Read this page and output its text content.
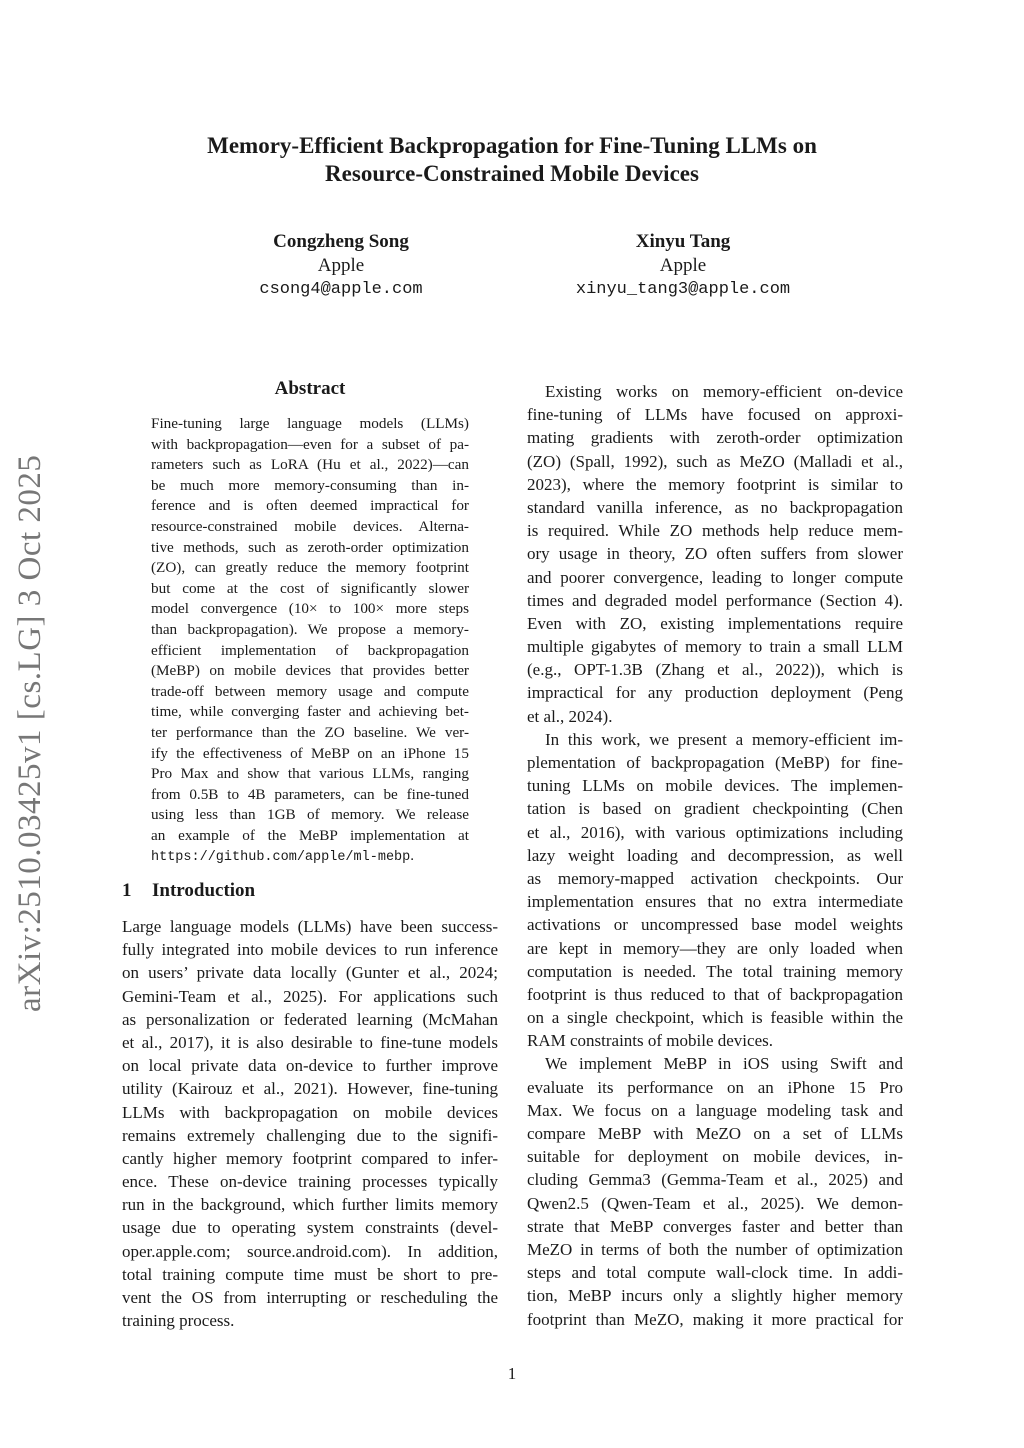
arXiv:2510.03425v1 [cs.LG] 3 Oct 2025
Memory-Efficient Backpropagation for Fine-Tuning LLMs on
Resource-Constrained Mobile Devices
Congzheng Song
Apple
csong4@apple.com
Xinyu Tang
Apple
xinyu_tang3@apple.com
Abstract
Fine-tuning large language models (LLMs)
with backpropagation—even for a subset of pa-
rameters such as LoRA (Hu et al., 2022)—can
be much more memory-consuming than in-
ference and is often deemed impractical for
resource-constrained mobile devices. Alterna-
tive methods, such as zeroth-order optimization
(ZO), can greatly reduce the memory footprint
but come at the cost of significantly slower
model convergence (10× to 100× more steps
than backpropagation). We propose a memory-
efficient implementation of backpropagation
(MeBP) on mobile devices that provides better
trade-off between memory usage and compute
time, while converging faster and achieving bet-
ter performance than the ZO baseline. We ver-
ify the effectiveness of MeBP on an iPhone 15
Pro Max and show that various LLMs, ranging
from 0.5B to 4B parameters, can be fine-tuned
using less than 1GB of memory. We release
an example of the MeBP implementation at
https://github.com/apple/ml-mebp.
1 Introduction
Large language models (LLMs) have been success-
fully integrated into mobile devices to run inference
on users’ private data locally (Gunter et al., 2024;
Gemini-Team et al., 2025). For applications such
as personalization or federated learning (McMahan
et al., 2017), it is also desirable to fine-tune models
on local private data on-device to further improve
utility (Kairouz et al., 2021). However, fine-tuning
LLMs with backpropagation on mobile devices
remains extremely challenging due to the signifi-
cantly higher memory footprint compared to infer-
ence. These on-device training processes typically
run in the background, which further limits memory
usage due to operating system constraints (devel-
oper.apple.com; source.android.com). In addition,
total training compute time must be short to pre-
vent the OS from interrupting or rescheduling the
training process.
Existing works on memory-efficient on-device
fine-tuning of LLMs have focused on approxi-
mating gradients with zeroth-order optimization
(ZO) (Spall, 1992), such as MeZO (Malladi et al.,
2023), where the memory footprint is similar to
standard vanilla inference, as no backpropagation
is required. While ZO methods help reduce mem-
ory usage in theory, ZO often suffers from slower
and poorer convergence, leading to longer compute
times and degraded model performance (Section 4).
Even with ZO, existing implementations require
multiple gigabytes of memory to train a small LLM
(e.g., OPT-1.3B (Zhang et al., 2022)), which is
impractical for any production deployment (Peng
et al., 2024).
In this work, we present a memory-efficient im-
plementation of backpropagation (MeBP) for fine-
tuning LLMs on mobile devices. The implemen-
tation is based on gradient checkpointing (Chen
et al., 2016), with various optimizations including
lazy weight loading and decompression, as well
as memory-mapped activation checkpoints. Our
implementation ensures that no extra intermediate
activations or uncompressed base model weights
are kept in memory—they are only loaded when
computation is needed. The total training memory
footprint is thus reduced to that of backpropagation
on a single checkpoint, which is feasible within the
RAM constraints of mobile devices.
We implement MeBP in iOS using Swift and
evaluate its performance on an iPhone 15 Pro
Max. We focus on a language modeling task and
compare MeBP with MeZO on a set of LLMs
suitable for deployment on mobile devices, in-
cluding Gemma3 (Gemma-Team et al., 2025) and
Qwen2.5 (Qwen-Team et al., 2025). We demon-
strate that MeBP converges faster and better than
MeZO in terms of both the number of optimization
steps and total compute wall-clock time. In addi-
tion, MeBP incurs only a slightly higher memory
footprint than MeZO, making it more practical for
1
